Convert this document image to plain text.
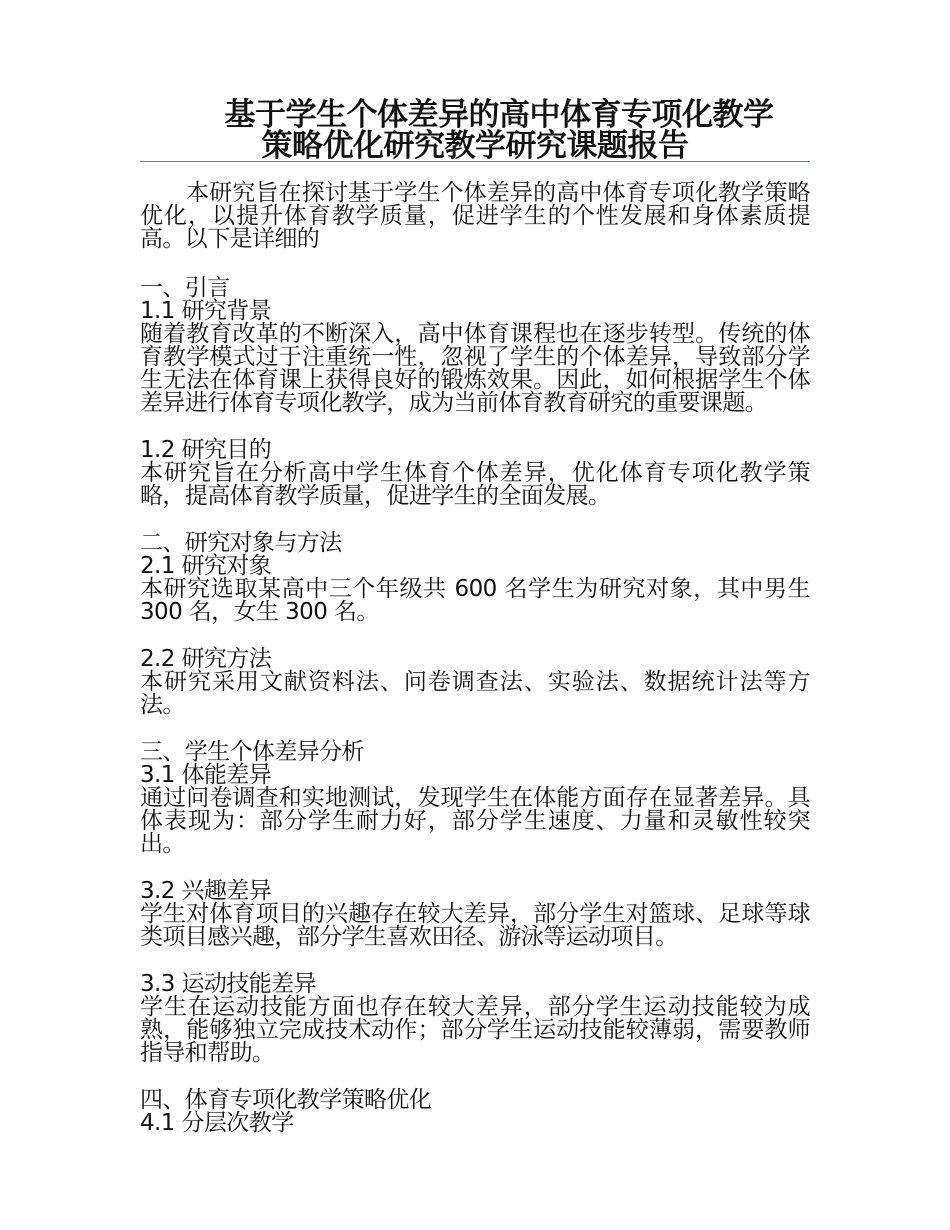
基于学生个体差异的高中体育专项化教学
策略优化研究教学研究课题报告

本研究旨在探讨基于学生个体差异的高中体育专项化教学策略优化，以提升体育教学质量，促进学生的个性发展和身体素质提高。以下是详细的

一、引言

1.1 研究背景

随着教育改革的不断深入，高中体育课程也在逐步转型。传统的体育教学模式过于注重统一性，忽视了学生的个体差异，导致部分学生无法在体育课上获得良好的锻炼效果。因此，如何根据学生个体差异进行体育专项化教学，成为当前体育教育研究的重要课题。

1.2 研究目的

本研究旨在分析高中学生体育个体差异，优化体育专项化教学策略，提高体育教学质量，促进学生的全面发展。

二、研究对象与方法

2.1 研究对象

本研究选取某高中三个年级共 600 名学生为研究对象，其中男生 300 名，女生 300 名。

2.2 研究方法

本研究采用文献资料法、问卷调查法、实验法、数据统计法等方法。

三、学生个体差异分析

3.1 体能差异

通过问卷调查和实地测试，发现学生在体能方面存在显著差异。具体表现为：部分学生耐力好，部分学生速度、力量和灵敏性较突出。

3.2 兴趣差异

学生对体育项目的兴趣存在较大差异，部分学生对篮球、足球等球类项目感兴趣，部分学生喜欢田径、游泳等运动项目。

3.3 运动技能差异

学生在运动技能方面也存在较大差异，部分学生运动技能较为成熟，能够独立完成技术动作；部分学生运动技能较薄弱，需要教师指导和帮助。

四、体育专项化教学策略优化

4.1 分层次教学
